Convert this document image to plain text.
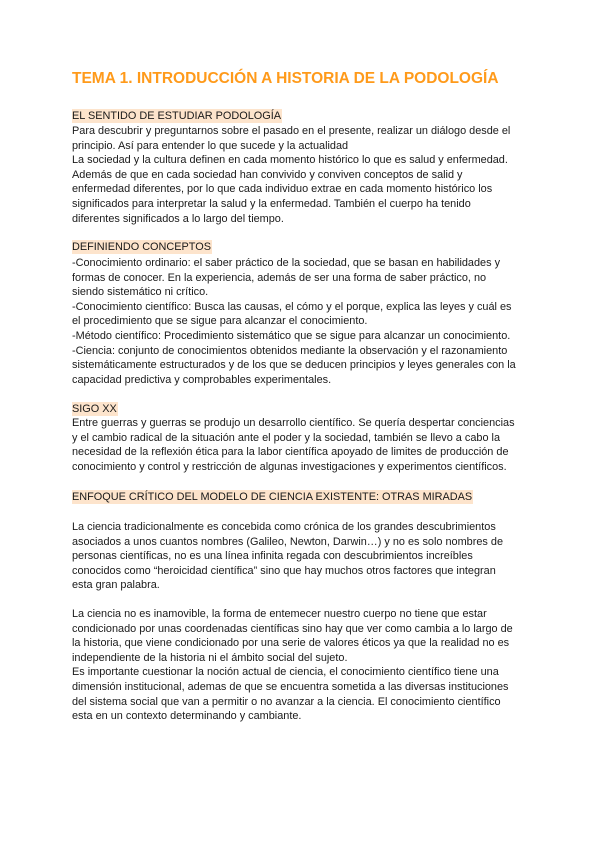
TEMA 1. INTRODUCCIÓN A HISTORIA DE LA PODOLOGÍA
EL SENTIDO DE ESTUDIAR PODOLOGÍA
Para descubrir y preguntarnos sobre el pasado en el presente, realizar un diálogo desde el
principio. Así para entender lo que sucede y la actualidad
La sociedad y la cultura definen en cada momento histórico lo que es salud y enfermedad.
Además de que en cada sociedad han convivido y conviven conceptos de salid y
enfermedad diferentes, por lo que cada individuo extrae en cada momento histórico los
significados para interpretar la salud y la enfermedad. También el cuerpo ha tenido
diferentes significados a lo largo del tiempo.
DEFINIENDO CONCEPTOS
-Conocimiento ordinario: el saber práctico de la sociedad, que se basan en habilidades y
formas de conocer. En la experiencia, además de ser una forma de saber práctico, no
siendo sistemático ni crítico.
-Conocimiento científico: Busca las causas, el cómo y el porque, explica las leyes y cuál es
el procedimiento que se sigue para alcanzar el conocimiento.
-Método científico: Procedimiento sistemático que se sigue para alcanzar un conocimiento.
-Ciencia: conjunto de conocimientos obtenidos mediante la observación y el razonamiento
sistemáticamente estructurados y de los que se deducen principios y leyes generales con la
capacidad predictiva y comprobables experimentales.
SIGO XX
Entre guerras y guerras se produjo un desarrollo científico. Se quería despertar conciencias
y el cambio radical de la situación ante el poder y la sociedad, también se llevo a cabo la
necesidad de la reflexión ética para la labor científica apoyado de limites de producción de
conocimiento y control y restricción de algunas investigaciones y experimentos científicos.
ENFOQUE CRÍTICO DEL MODELO DE CIENCIA EXISTENTE: OTRAS MIRADAS
La ciencia tradicionalmente es concebida como crónica de los grandes descubrimientos
asociados a unos cuantos nombres (Galileo, Newton, Darwin…) y no es solo nombres de
personas científicas, no es una línea infinita regada con descubrimientos increíbles
conocidos como “heroicidad científica” sino que hay muchos otros factores que integran
esta gran palabra.
La ciencia no es inamovible, la forma de entemecer nuestro cuerpo no tiene que estar
condicionado por unas coordenadas científicas sino hay que ver como cambia a lo largo de
la historia, que viene condicionado por una serie de valores éticos ya que la realidad no es
independiente de la historia ni el ámbito social del sujeto.
Es importante cuestionar la noción actual de ciencia, el conocimiento científico tiene una
dimensión institucional, ademas de que se encuentra sometida a las diversas instituciones
del sistema social que van a permitir o no avanzar a la ciencia. El conocimiento científico
esta en un contexto determinando y cambiante.
